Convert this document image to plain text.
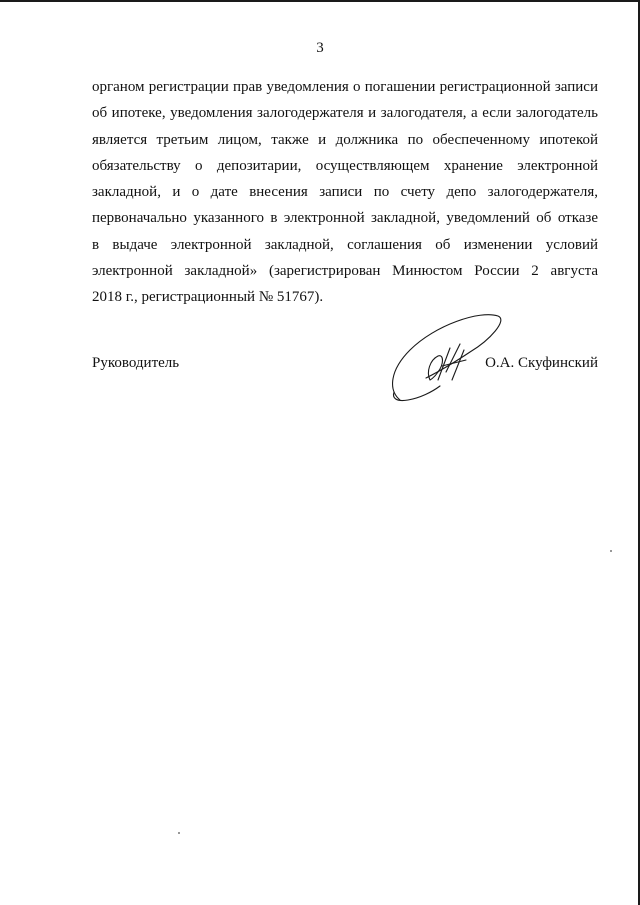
3
органом регистрации прав уведомления о погашении регистрационной записи
об ипотеке, уведомления залогодержателя и залогодателя, а если залогодатель
является третьим лицом, также и должника по обеспеченному ипотекой
обязательству о депозитарии, осуществляющем хранение электронной
закладной, и о дате внесения записи по счету депо залогодержателя,
первоначально указанного в электронной закладной, уведомлений об отказе
в выдаче электронной закладной, соглашения об изменении условий
электронной закладной» (зарегистрирован Минюстом России 2 августа
2018 г., регистрационный № 51767).
Руководитель	О.А. Скуфинский
